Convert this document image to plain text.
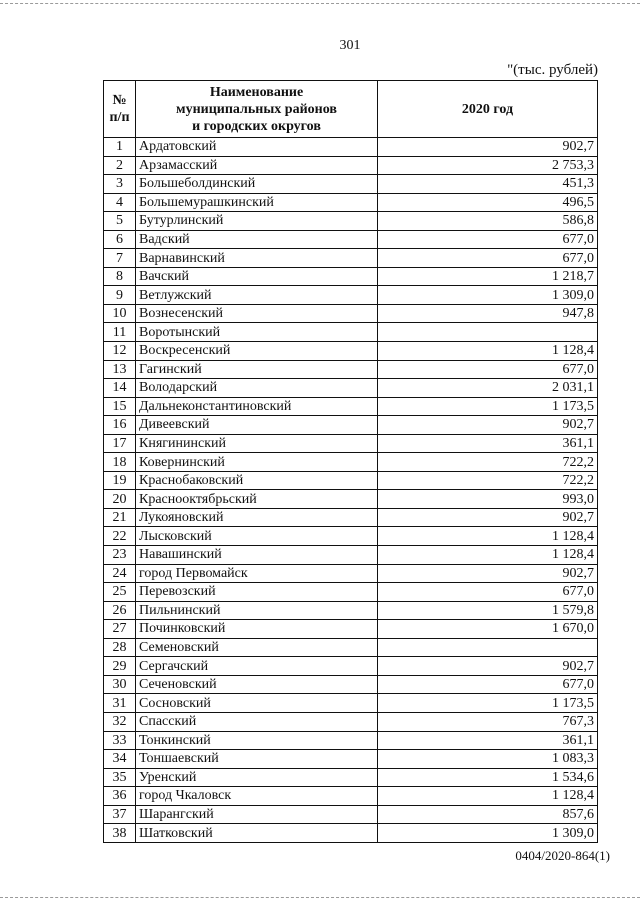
301
"(тыс. рублей)
№
п/п	Наименование
муниципальных районов
и городских округов	2020 год
1	Ардатовский	902,7
2	Арзамасский	2 753,3
3	Большеболдинский	451,3
4	Большемурашкинский	496,5
5	Бутурлинский	586,8
6	Вадский	677,0
7	Варнавинский	677,0
8	Вачский	1 218,7
9	Ветлужский	1 309,0
10	Вознесенский	947,8
11	Воротынский	
12	Воскресенский	1 128,4
13	Гагинский	677,0
14	Володарский	2 031,1
15	Дальнеконстантиновский	1 173,5
16	Дивеевский	902,7
17	Княгининский	361,1
18	Ковернинский	722,2
19	Краснобаковский	722,2
20	Краснооктябрьский	993,0
21	Лукояновский	902,7
22	Лысковский	1 128,4
23	Навашинский	1 128,4
24	город Первомайск	902,7
25	Перевозский	677,0
26	Пильнинский	1 579,8
27	Починковский	1 670,0
28	Семеновский	
29	Сергачский	902,7
30	Сеченовский	677,0
31	Сосновский	1 173,5
32	Спасский	767,3
33	Тонкинский	361,1
34	Тоншаевский	1 083,3
35	Уренский	1 534,6
36	город Чкаловск	1 128,4
37	Шарангский	857,6
38	Шатковский	1 309,0
0404/2020-864(1)
